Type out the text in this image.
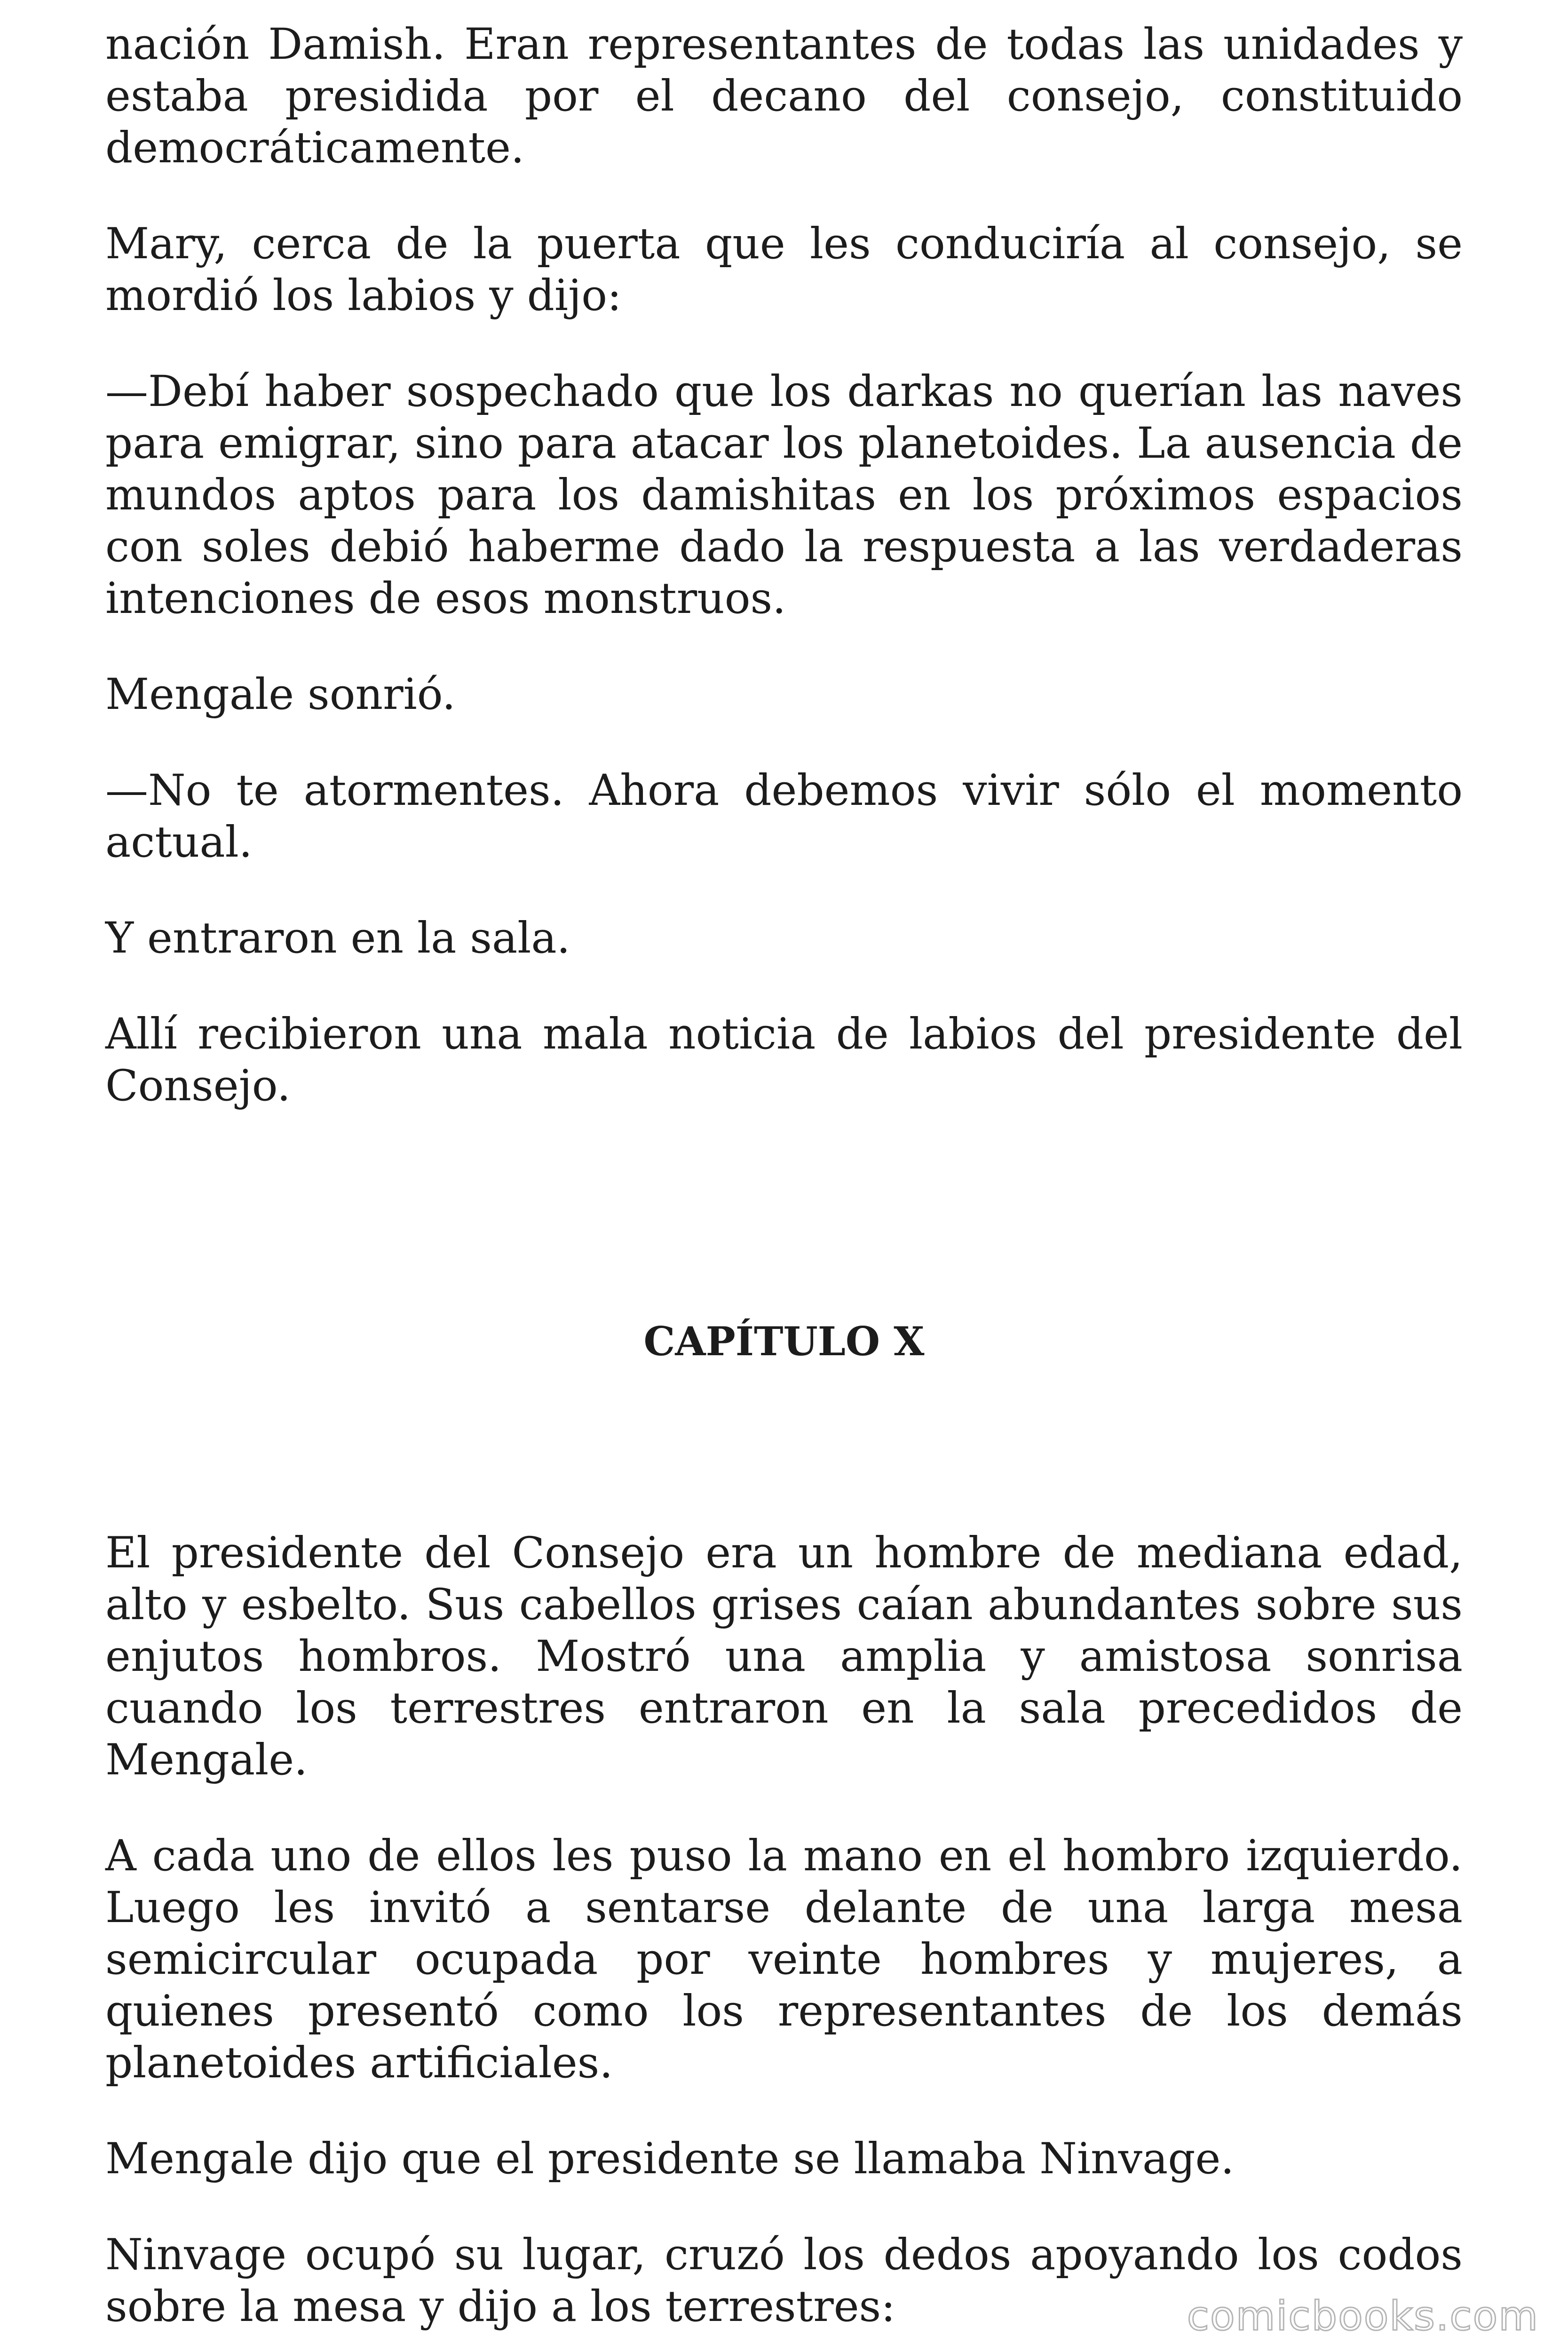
nación Damish. Eran representantes de todas las unidades y estaba presidida por el decano del consejo, constituido democráticamente.

Mary, cerca de la puerta que les conduciría al consejo, se mordió los labios y dijo:

—Debí haber sospechado que los darkas no querían las naves para emigrar, sino para atacar los planetoides. La ausencia de mundos aptos para los damishitas en los próximos espacios con soles debió haberme dado la respuesta a las verdaderas intenciones de esos monstruos.

Mengale sonrió.

—No te atormentes. Ahora debemos vivir sólo el momento actual.

Y entraron en la sala.

Allí recibieron una mala noticia de labios del presidente del Consejo.

CAPÍTULO X

El presidente del Consejo era un hombre de mediana edad, alto y esbelto. Sus cabellos grises caían abundantes sobre sus enjutos hombros. Mostró una amplia y amistosa sonrisa cuando los terrestres entraron en la sala precedidos de Mengale.

A cada uno de ellos les puso la mano en el hombro izquierdo. Luego les invitó a sentarse delante de una larga mesa semicircular ocupada por veinte hombres y mujeres, a quienes presentó como los representantes de los demás planetoides artificiales.

Mengale dijo que el presidente se llamaba Ninvage.

Ninvage ocupó su lugar, cruzó los dedos apoyando los codos sobre la mesa y dijo a los terrestres:	comicbooks.com
